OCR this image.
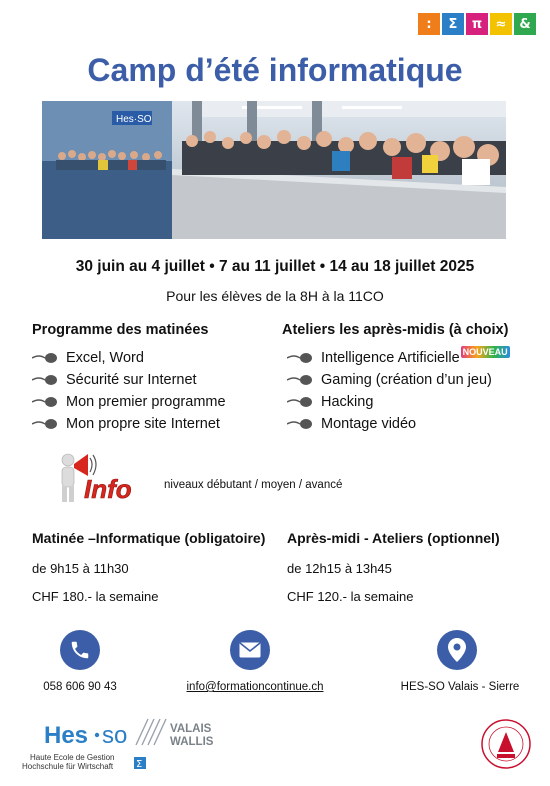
:	Σ	π	≈ &
Camp d’été informatique
Hes·SO
30 juin au 4 juillet • 7 au 11 juillet • 14 au 18 juillet 2025
Pour les élèves de la 8H à la 11CO
Programme des matinées
Excel, Word
Sécurité sur Internet
Mon premier programme
Mon propre site Internet
Ateliers les après-midis (à choix)
Intelligence Artificielle NOUVEAU
Gaming (création d’un jeu)
Hacking
Montage vidéo
Info	niveaux débutant / moyen / avancé
Matinée –Informatique (obligatoire)
de 9h15 à 11h30
CHF 180.- la semaine
Après-midi - Ateliers (optionnel)
de 12h15 à 13h45
CHF 120.- la semaine
058 606 90 43	info@formationcontinue.ch	HES-SO Valais - Sierre
Hes so	VALAIS
WALLIS
Σ
Haute Ecole de Gestion
Hochschule für Wirtschaft
